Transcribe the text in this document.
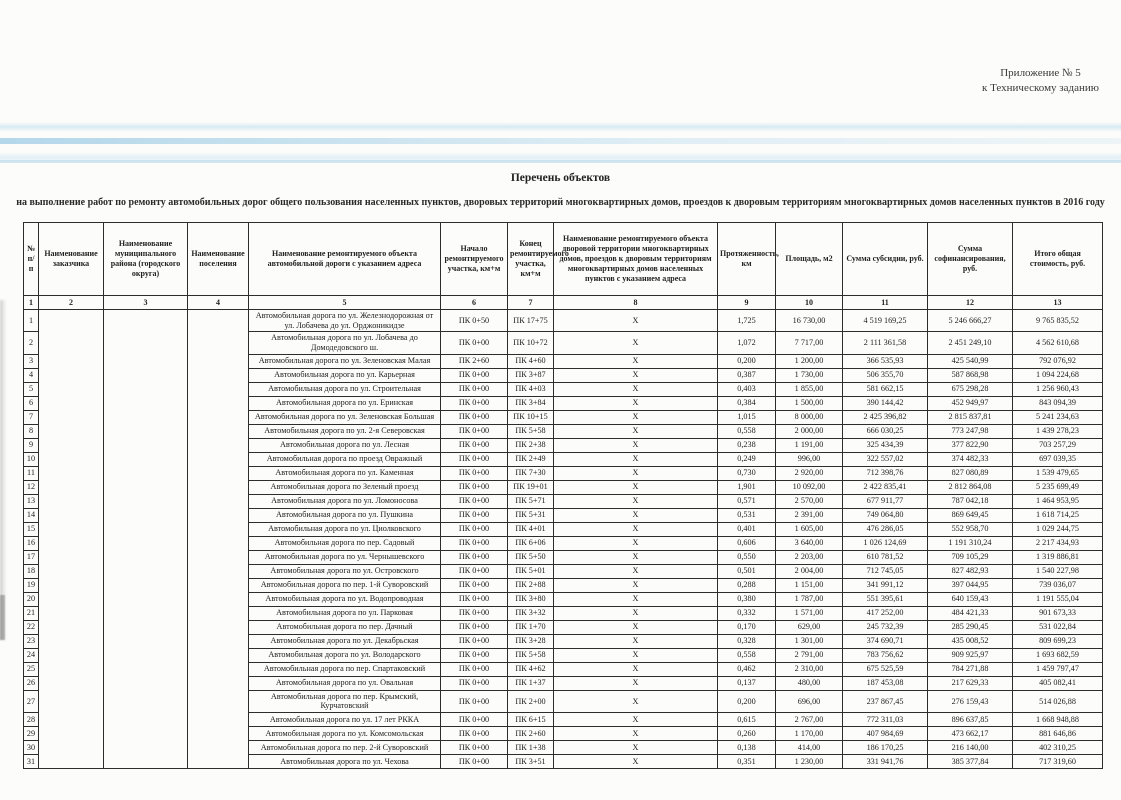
Приложение № 5
к Техническому заданию
Перечень объектов
на выполнение работ по ремонту автомобильных дорог общего пользования населенных пунктов, дворовых территорий многоквартирных домов, проездов к дворовым территориям многоквартирных домов населенных пунктов в 2016 году
№ п/п	Наименование заказчика	Наименование муниципального района (городского округа)	Наименование поселения	Наименование ремонтируемого объекта автомобильной дороги с указанием адреса	Начало ремонтируемого участка, км+м	Конец ремонтируемого участка, км+м	Наименование ремонтируемого объекта дворовой территории многоквартирных домов, проездов к дворовым территориям многоквартирных домов населенных пунктов с указанием адреса	Протяженность, км	Площадь, м2	Сумма субсидии, руб.	Сумма софинансирования, руб.	Итого общая стоимость, руб.
1	2	3	4	5	6	7	8	9	10	11	12	13
1				Автомобильная дорога по ул. Железнодорожная от ул. Лобачева до ул. Орджоникидзе	ПК 0+50	ПК 17+75	X	1,725	16 730,00	4 519 169,25	5 246 666,27	9 765 835,52
2				Автомобильная дорога по ул. Лобачева до Домодедовского ш.	ПК 0+00	ПК 10+72	X	1,072	7 717,00	2 111 361,58	2 451 249,10	4 562 610,68
3				Автомобильная дорога по ул. Зеленовская Малая	ПК 2+60	ПК 4+60	X	0,200	1 200,00	366 535,93	425 540,99	792 076,92
4				Автомобильная дорога по ул. Карьерная	ПК 0+00	ПК 3+87	X	0,387	1 730,00	506 355,70	587 868,98	1 094 224,68
5				Автомобильная дорога по ул. Строительная	ПК 0+00	ПК 4+03	X	0,403	1 855,00	581 662,15	675 298,28	1 256 960,43
6				Автомобильная дорога по ул. Еринская	ПК 0+00	ПК 3+84	X	0,384	1 500,00	390 144,42	452 949,97	843 094,39
7				Автомобильная дорога по ул. Зеленовская Большая	ПК 0+00	ПК 10+15	X	1,015	8 000,00	2 425 396,82	2 815 837,81	5 241 234,63
8				Автомобильная дорога по ул. 2-я Северовская	ПК 0+00	ПК 5+58	X	0,558	2 000,00	666 030,25	773 247,98	1 439 278,23
9				Автомобильная дорога по ул. Лесная	ПК 0+00	ПК 2+38	X	0,238	1 191,00	325 434,39	377 822,90	703 257,29
10				Автомобильная дорога по проезд Овражный	ПК 0+00	ПК 2+49	X	0,249	996,00	322 557,02	374 482,33	697 039,35
11				Автомобильная дорога по ул. Каменная	ПК 0+00	ПК 7+30	X	0,730	2 920,00	712 398,76	827 080,89	1 539 479,65
12				Автомобильная дорога по Зеленый проезд	ПК 0+00	ПК 19+01	X	1,901	10 092,00	2 422 835,41	2 812 864,08	5 235 699,49
13				Автомобильная дорога по ул. Ломоносова	ПК 0+00	ПК 5+71	X	0,571	2 570,00	677 911,77	787 042,18	1 464 953,95
14				Автомобильная дорога по ул. Пушкина	ПК 0+00	ПК 5+31	X	0,531	2 391,00	749 064,80	869 649,45	1 618 714,25
15				Автомобильная дорога по ул. Циолковского	ПК 0+00	ПК 4+01	X	0,401	1 605,00	476 286,05	552 958,70	1 029 244,75
16				Автомобильная дорога по пер. Садовый	ПК 0+00	ПК 6+06	X	0,606	3 640,00	1 026 124,69	1 191 310,24	2 217 434,93
17				Автомобильная дорога по ул. Чернышевского	ПК 0+00	ПК 5+50	X	0,550	2 203,00	610 781,52	709 105,29	1 319 886,81
18				Автомобильная дорога по ул. Островского	ПК 0+00	ПК 5+01	X	0,501	2 004,00	712 745,05	827 482,93	1 540 227,98
19				Автомобильная дорога по пер. 1-й Суворовский	ПК 0+00	ПК 2+88	X	0,288	1 151,00	341 991,12	397 044,95	739 036,07
20				Автомобильная дорога по ул. Водопроводная	ПК 0+00	ПК 3+80	X	0,380	1 787,00	551 395,61	640 159,43	1 191 555,04
21				Автомобильная дорога по ул. Парковая	ПК 0+00	ПК 3+32	X	0,332	1 571,00	417 252,00	484 421,33	901 673,33
22				Автомобильная дорога по пер. Дачный	ПК 0+00	ПК 1+70	X	0,170	629,00	245 732,39	285 290,45	531 022,84
23				Автомобильная дорога по ул. Декабрьская	ПК 0+00	ПК 3+28	X	0,328	1 301,00	374 690,71	435 008,52	809 699,23
24				Автомобильная дорога по ул. Володарского	ПК 0+00	ПК 5+58	X	0,558	2 791,00	783 756,62	909 925,97	1 693 682,59
25				Автомобильная дорога по пер. Спартаковский	ПК 0+00	ПК 4+62	X	0,462	2 310,00	675 525,59	784 271,88	1 459 797,47
26				Автомобильная дорога по ул. Овальная	ПК 0+00	ПК 1+37	X	0,137	480,00	187 453,08	217 629,33	405 082,41
27				Автомобильная дорога по пер. Крымский, Курчатовский	ПК 0+00	ПК 2+00	X	0,200	696,00	237 867,45	276 159,43	514 026,88
28				Автомобильная дорога по ул. 17 лет РККА	ПК 0+00	ПК 6+15	X	0,615	2 767,00	772 311,03	896 637,85	1 668 948,88
29				Автомобильная дорога по ул. Комсомольская	ПК 0+00	ПК 2+60	X	0,260	1 170,00	407 984,69	473 662,17	881 646,86
30				Автомобильная дорога по пер. 2-й Суворовский	ПК 0+00	ПК 1+38	X	0,138	414,00	186 170,25	216 140,00	402 310,25
31				Автомобильная дорога по ул. Чехова	ПК 0+00	ПК 3+51	X	0,351	1 230,00	331 941,76	385 377,84	717 319,60
